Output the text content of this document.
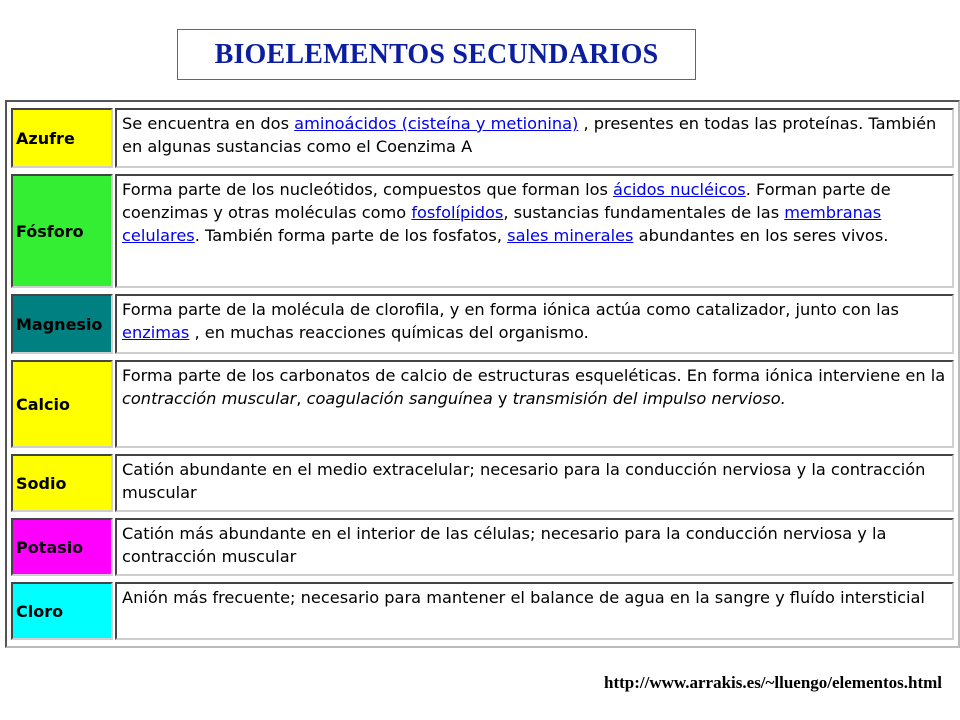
BIOELEMENTOS SECUNDARIOS
Azufre
Se encuentra en dos aminoácidos (cisteína y metionina) , presentes en todas las proteínas. También en algunas sustancias como el Coenzima A
Fósforo
Forma parte de los nucleótidos, compuestos que forman los ácidos nucléicos. Forman parte de coenzimas y otras moléculas como fosfolípidos, sustancias fundamentales de las membranas celulares. También forma parte de los fosfatos, sales minerales abundantes en los seres vivos.
Magnesio
Forma parte de la molécula de clorofila, y en forma iónica actúa como catalizador, junto con las enzimas , en muchas reacciones químicas del organismo.
Calcio
Forma parte de los carbonatos de calcio de estructuras esqueléticas. En forma iónica interviene en la contracción muscular, coagulación sanguínea y transmisión del impulso nervioso.
Sodio
Catión abundante en el medio extracelular; necesario para la conducción nerviosa y la contracción muscular
Potasio
Catión más abundante en el interior de las células; necesario para la conducción nerviosa y la contracción muscular
Cloro
Anión más frecuente; necesario para mantener el balance de agua en la sangre y fluído intersticial
http://www.arrakis.es/~lluengo/elementos.html
